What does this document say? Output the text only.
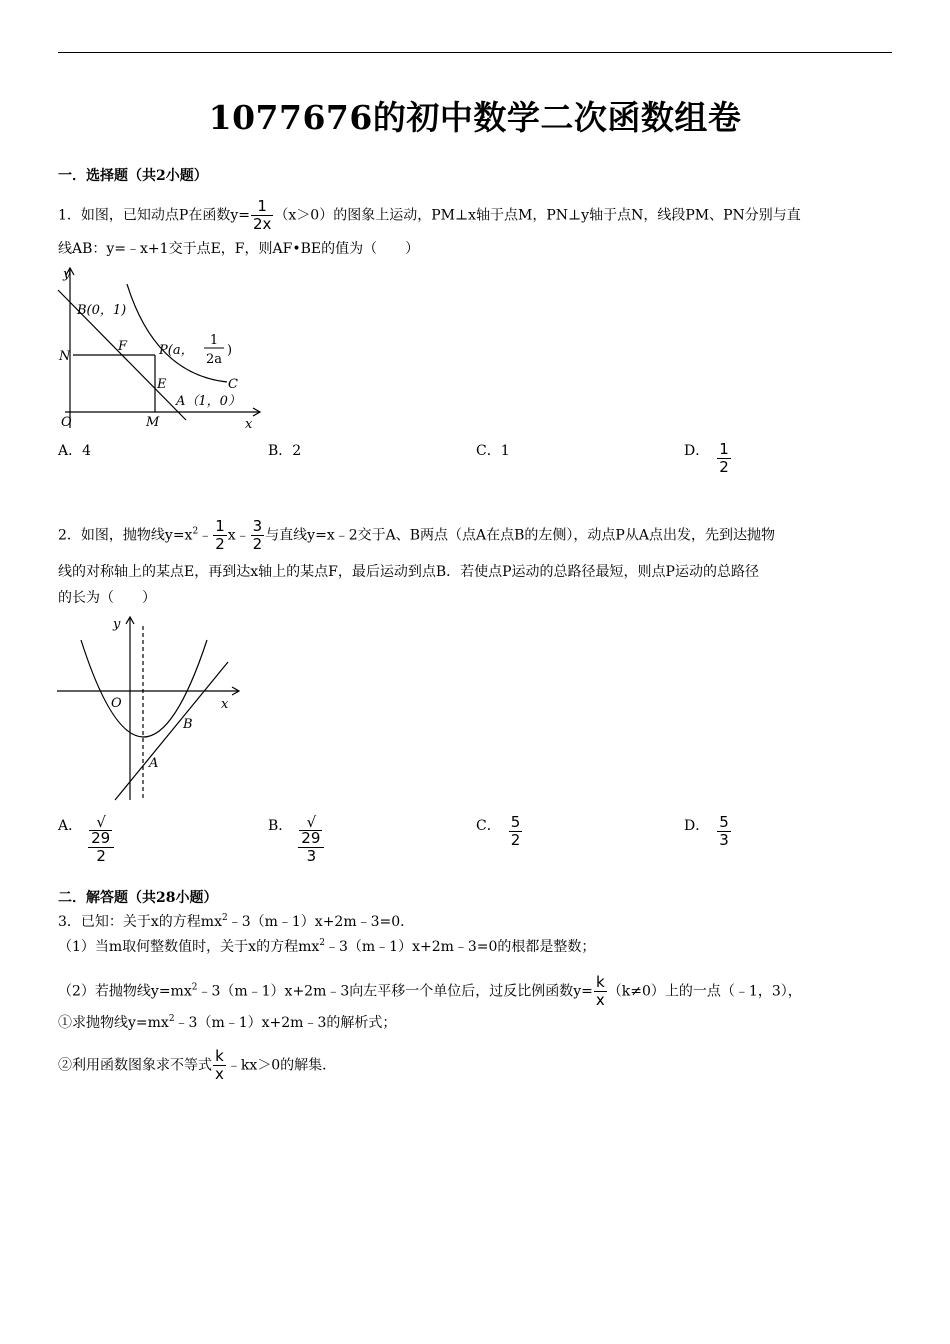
1077676的初中数学二次函数组卷
一．选择题（共2小题）
1．如图，已知动点P在函数$y= \frac{1}{2x} (x>0)$的图象上运动，PM⊥x轴于点M，PN⊥y轴于点N，线段PM、PN分别与直
线AB：y=﹣x+1交于点E，F，则AF•BE的值为（　　）
y
x
O
B(0，1)
N
F P(a，
1
2a
)
E	C
A（1，0）
M
A．4	B．2	C．1	D． $\frac{1}{2}$
2．如图，抛物线$y=x^2﹣ \frac{1}{2}$ x﹣ $\frac{3}{2}$ 与直线y=x﹣2交于A、B两点（点A在点B的左侧），动点P从A点出发，先到达抛物
线的对称轴上的某点E，再到达x轴上的某点F，最后运动到点B．若使点P运动的总路径最短，则点P运动的总路径
的长为（　　）
y
x
O
A
B
A． √
29
2	B． √
29
3	C． $\frac{5}{2}$	D． $\frac{5}{3}$
二．解答题（共28小题）
3．已知：关于x的方程$mx^2﹣3(m﹣1)x+2m﹣3=0$．
（1）当m取何整数值时，关于x的方程$mx^2﹣3(m﹣1)x+2m﹣3=0$的根都是整数；
（2）若抛物线$y=mx^2﹣3(m﹣1)x+2m﹣3$向左平移一个单位后，过反比例函数$y= \frac{k}{x} (k\ne 0)$上的一点（﹣1，3），
①求抛物线$y=mx^2﹣3(m﹣1)x+2m﹣3$的解析式；
②利用函数图象求不等式 $\frac{k}{x}$ ﹣kx＞0的解集．
